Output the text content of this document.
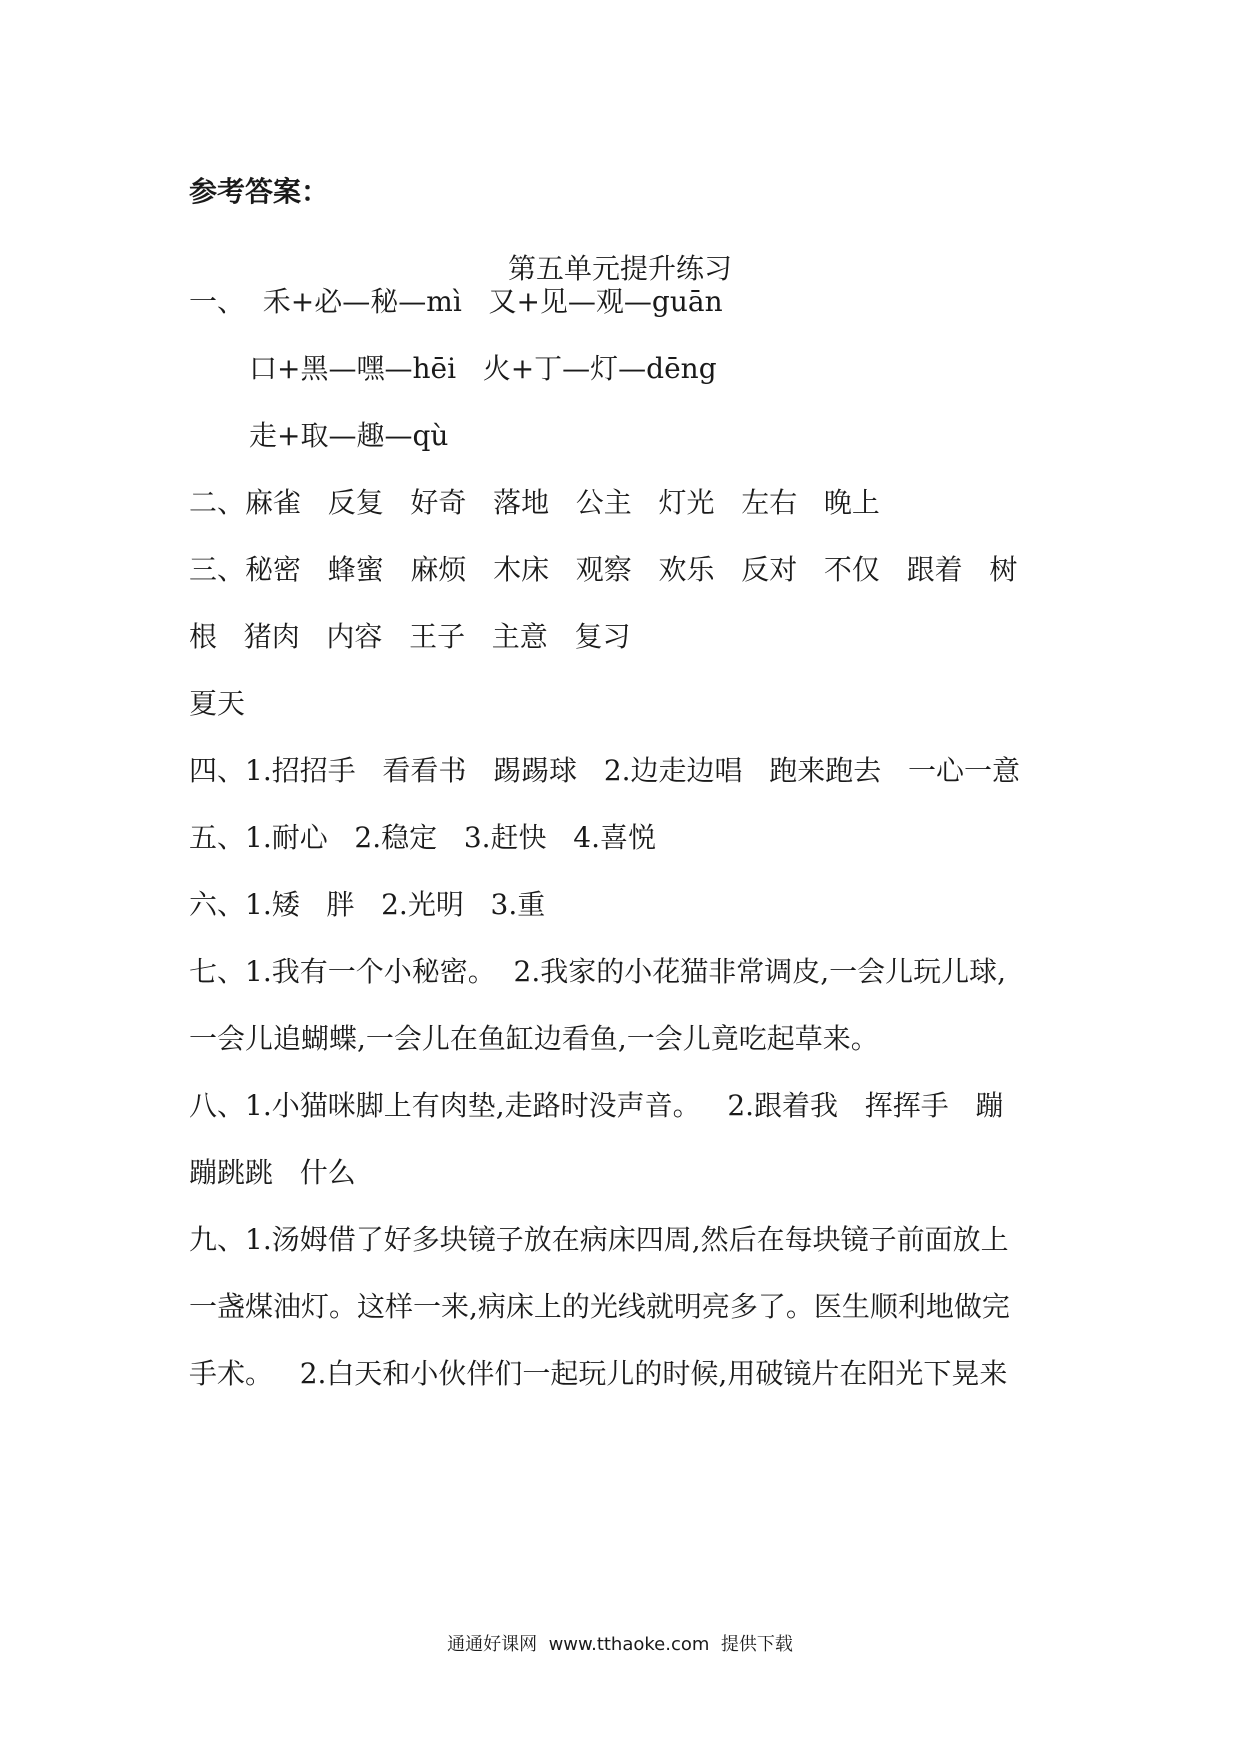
参考答案：
第五单元提升练习
一、  禾+必—秘—mì   又+见—观—guān
口+黑—嘿—hēi   火+丁—灯—dēng
走+取—趣—qù
二、麻雀   反复   好奇   落地   公主   灯光   左右   晚上
三、秘密   蜂蜜   麻烦   木床   观察   欢乐   反对   不仅   跟着   树
根   猪肉   内容   王子   主意   复习
夏天
四、1.招招手   看看书   踢踢球   2.边走边唱   跑来跑去   一心一意
五、1.耐心   2.稳定   3.赶快   4.喜悦
六、1.矮   胖   2.光明   3.重
七、1.我有一个小秘密。  2.我家的小花猫非常调皮,一会儿玩儿球,
一会儿追蝴蝶,一会儿在鱼缸边看鱼,一会儿竟吃起草来。
八、1.小猫咪脚上有肉垫,走路时没声音。   2.跟着我   挥挥手   蹦
蹦跳跳   什么
九、1.汤姆借了好多块镜子放在病床四周,然后在每块镜子前面放上
一盏煤油灯。这样一来,病床上的光线就明亮多了。医生顺利地做完
手术。   2.白天和小伙伴们一起玩儿的时候,用破镜片在阳光下晃来
通通好课网  www.tthaoke.com  提供下载
